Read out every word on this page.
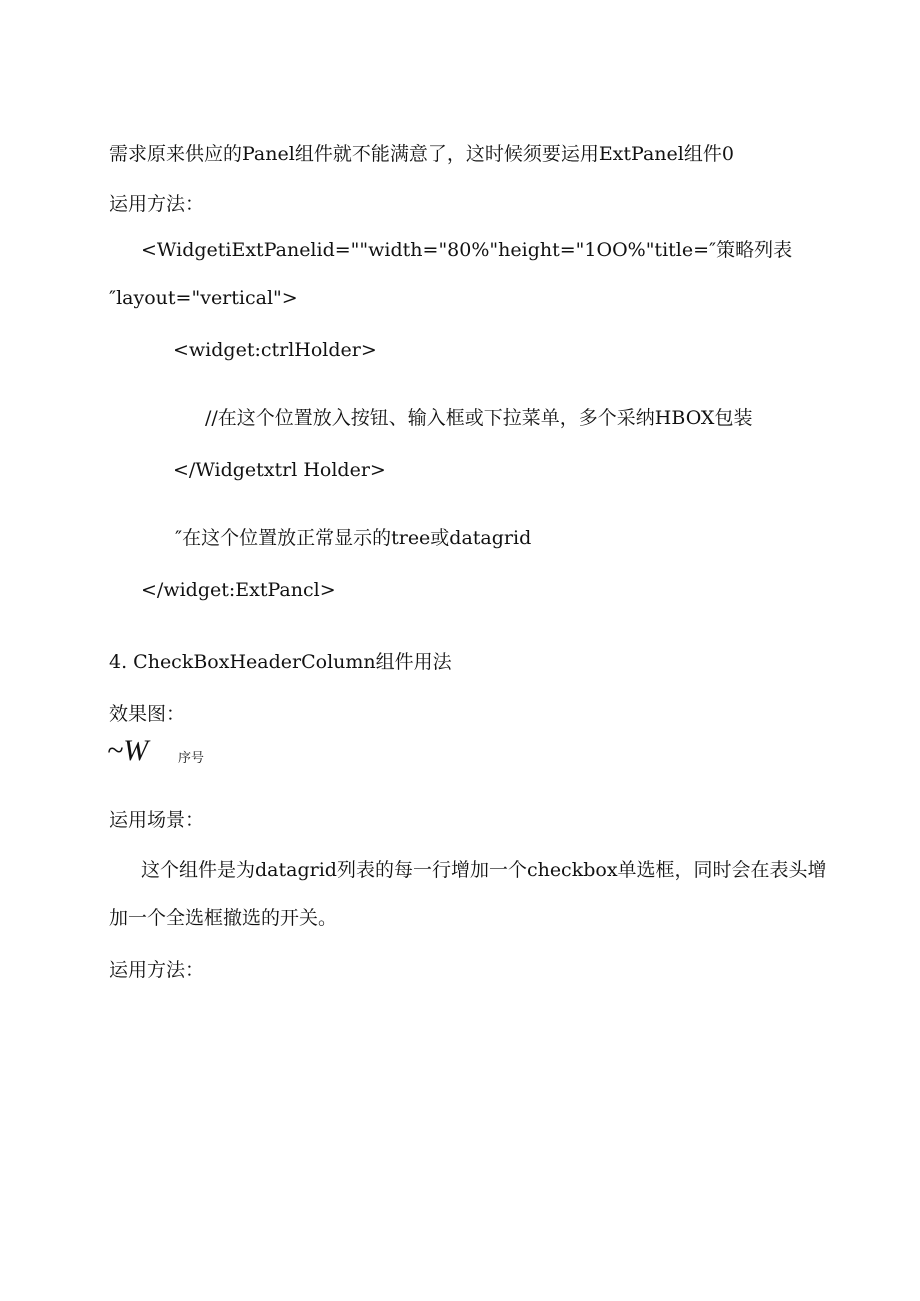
需求原来供应的Panel组件就不能满意了，这时候须要运用ExtPanel组件0
运用方法：
<WidgetiExtPanelid=""width="80%"height="1OO%"title=″策略列表
″layout="vertical">
<widget:ctrlHolder>
//在这个位置放入按钮、输入框或下拉菜单，多个采纳HBOX包装
</Widgetxtrl Holder>
″在这个位置放正常显示的tree或datagrid
</widget:ExtPancl>
4. CheckBoxHeaderColumn组件用法
效果图：
~W 序号
运用场景：
这个组件是为datagrid列表的每一行增加一个checkbox单选框，同时会在表头增
加一个全选框撤选的开关。
运用方法：
